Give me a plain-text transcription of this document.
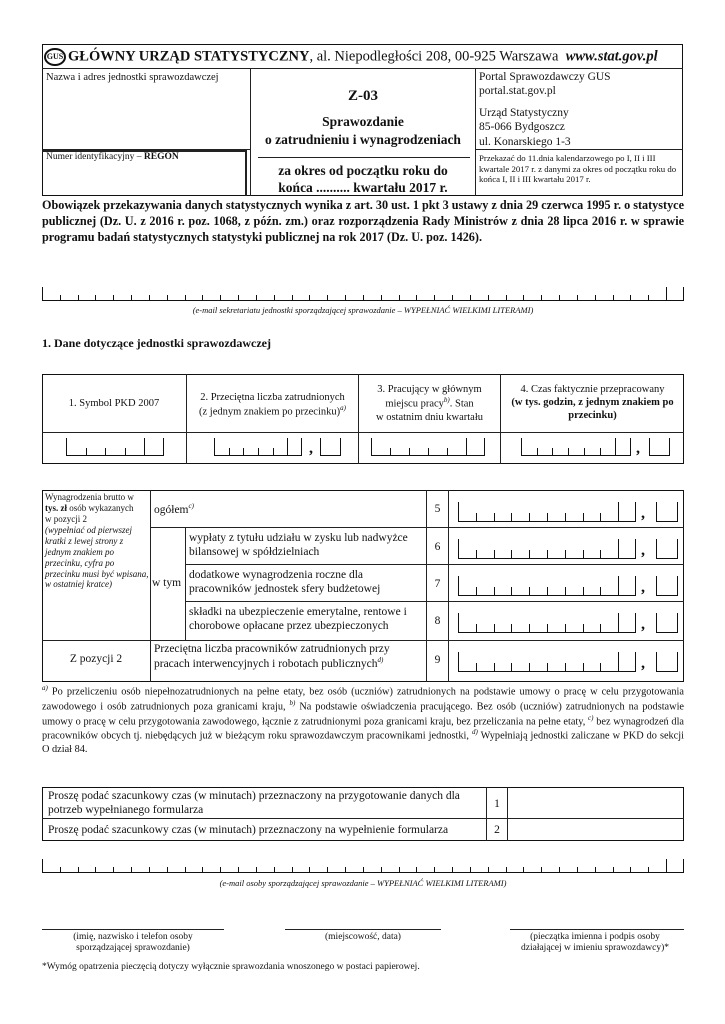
GUS GŁÓWNY URZĄD STATYSTYCZNY, al. Niepodległości 208, 00-925 Warszawa www.stat.gov.pl
Nazwa i adres jednostki sprawozdawczej
Numer identyfikacyjny – REGON
Z-03
Sprawozdanie
o zatrudnieniu i wynagrodzeniach
za okres od początku roku do
końca .......... kwartału 2017 r.
Portal Sprawozdawczy GUS
portal.stat.gov.pl
Urząd Statystyczny
85-066 Bydgoszcz
ul. Konarskiego 1-3
Przekazać do 11.dnia kalendarzowego po I, II i III kwartale 2017 r. z danymi za okres od początku roku do końca I, II i III kwartału 2017 r.
Obowiązek przekazywania danych statystycznych wynika z art. 30 ust. 1 pkt 3 ustawy z dnia 29 czerwca 1995 r. o statystyce publicznej (Dz. U. z 2016 r. poz. 1068, z późn. zm.) oraz rozporządzenia Rady Ministrów z dnia 28 lipca 2016 r. w sprawie programu badań statystycznych statystyki publicznej na rok 2017 (Dz. U. poz. 1426).
(e-mail sekretariatu jednostki sporządzającej sprawozdanie – WYPEŁNIAĆ WIELKIMI LITERAMI)
1. Dane dotyczące jednostki sprawozdawczej
1. Symbol PKD 2007
2. Przeciętna liczba zatrudnionych
(z jednym znakiem po przecinku)$^{a)}$
3. Pracujący w głównym
miejscu pracy$^{b)}$. Stan
w ostatnim dniu kwartału
4. Czas faktycznie przepracowany
(w tys. godzin, z jednym znakiem po
przecinku)
,	,
Wynagrodzenia brutto w
tys. zł osób wykazanych
w pozycji 2
(wypełniać od pierwszej kratki z lewej strony z jednym znakiem po przecinku, cyfra po przecinku musi być wpisana, w ostatniej kratce)
ogółem$^{c)}$
w tym
wypłaty z tytułu udziału w zysku lub nadwyżce bilansowej w spółdzielniach
dodatkowe wynagrodzenia roczne dla pracowników jednostek sfery budżetowej
składki na ubezpieczenie emerytalne, rentowe i chorobowe opłacane przez ubezpieczonych
Z pozycji 2
Przeciętna liczba pracowników zatrudnionych przy
pracach interwencyjnych i robotach publicznych$^{d)}$
5
6
7
8
9
,
,
,
,
,
$^{a)}$ Po przeliczeniu osób niepełnozatrudnionych na pełne etaty, bez osób (uczniów) zatrudnionych na podstawie umowy o pracę w celu przygotowania zawodowego i osób zatrudnionych poza granicami kraju, $^{b)}$ Na podstawie oświadczenia pracującego. Bez osób (uczniów) zatrudnionych na podstawie umowy o pracę w celu przygotowania zawodowego, łącznie z zatrudnionymi poza granicami kraju, bez przeliczania na pełne etaty, $^{c)}$ bez wynagrodzeń dla pracowników obcych tj. niebędących już w bieżącym roku sprawozdawczym pracownikami jednostki, $^{d)}$ Wypełniają jednostki zaliczane w PKD do sekcji O dział 84.
Proszę podać szacunkowy czas (w minutach) przeznaczony na przygotowanie danych dla potrzeb wypełnianego formularza
Proszę podać szacunkowy czas (w minutach) przeznaczony na wypełnienie formularza
1
2
(e-mail osoby sporządzającej sprawozdanie – WYPEŁNIAĆ WIELKIMI LITERAMI)
(imię, nazwisko i telefon osoby
sporządzającej sprawozdanie)
(miejscowość, data)	(pieczątka imienna i podpis osoby
działającej w imieniu sprawozdawcy)*
*Wymóg opatrzenia pieczęcią dotyczy wyłącznie sprawozdania wnoszonego w postaci papierowej.
